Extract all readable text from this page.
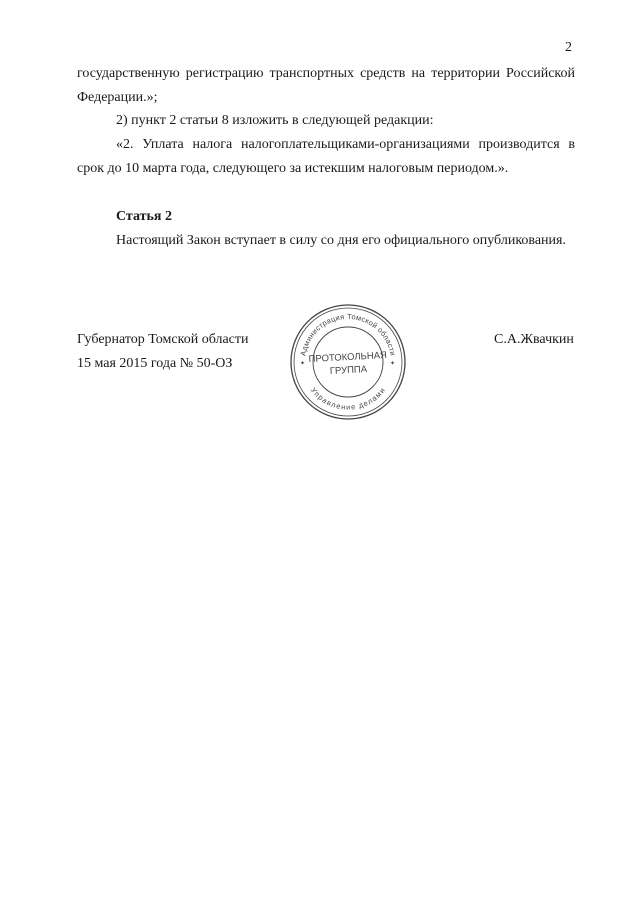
2
государственную регистрацию транспортных средств на территории Российской
Федерации.»;
2) пункт 2 статьи 8 изложить в следующей редакции:
«2. Уплата налога налогоплательщиками-организациями производится в
срок до 10 марта года, следующего за истекшим налоговым периодом.».
Статья 2
Настоящий Закон вступает в силу со дня его официального опубликования.
Губернатор Томской области	С.А.Жвачкин
15 мая 2015 года № 50-ОЗ
Администрация Томской области
Управление делами
✦	✦
ПРОТОКОЛЬНАЯ
ГРУППА
